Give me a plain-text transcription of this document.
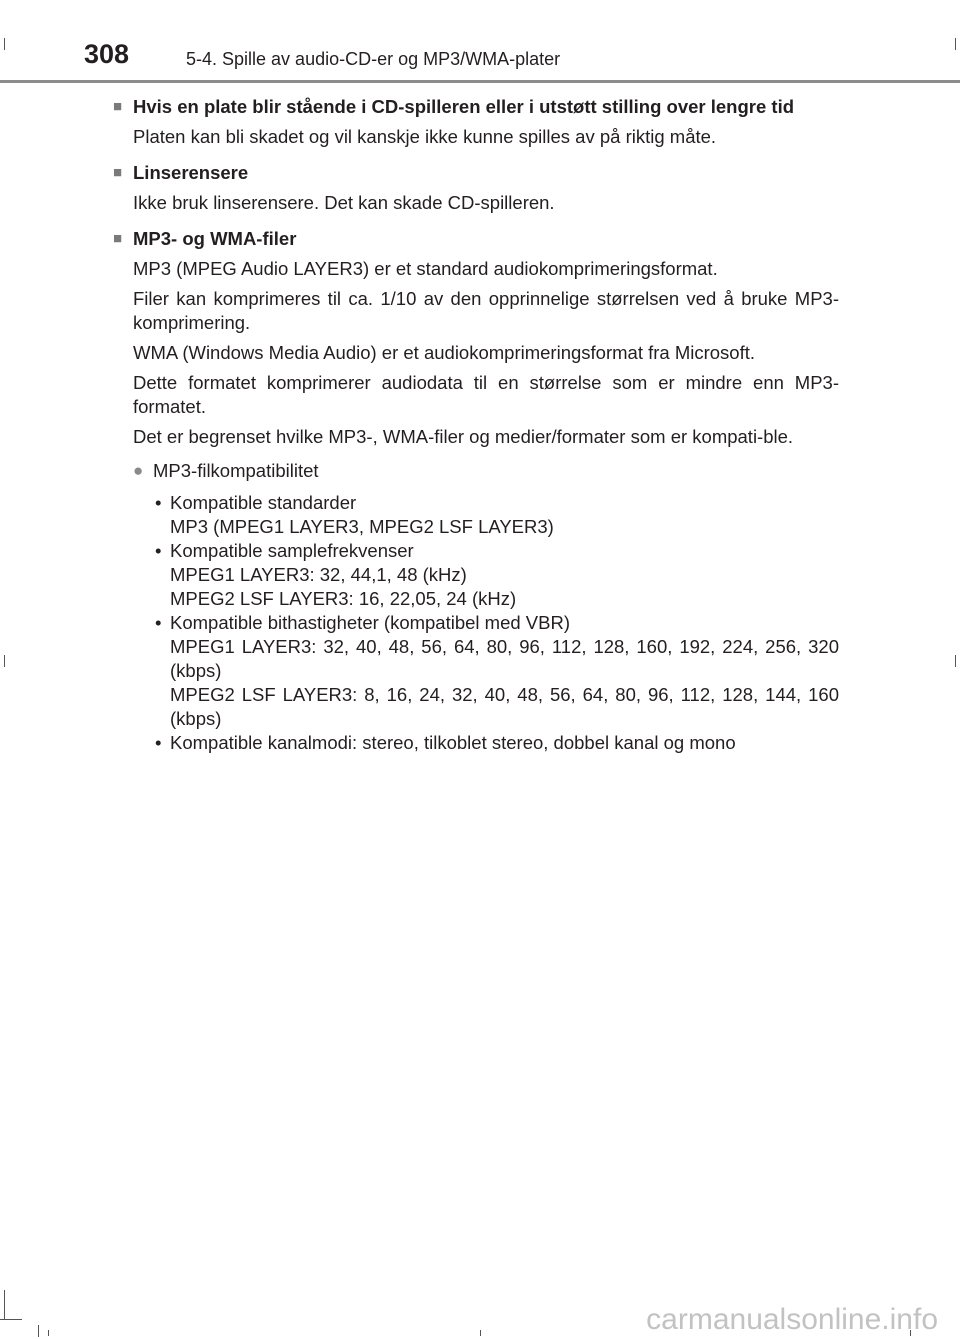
308	5-4. Spille av audio-CD-er og MP3/WMA-plater
■ Hvis en plate blir stående i CD-spilleren eller i utstøtt stilling over lengre tid
Platen kan bli skadet og vil kanskje ikke kunne spilles av på riktig måte.
■ Linserensere
Ikke bruk linserensere. Det kan skade CD-spilleren.
■ MP3- og WMA-filer
MP3 (MPEG Audio LAYER3) er et standard audiokomprimeringsformat.
Filer kan komprimeres til ca. 1/10 av den opprinnelige størrelsen ved å bruke MP3-komprimering.
WMA (Windows Media Audio) er et audiokomprimeringsformat fra Microsoft.
Dette formatet komprimerer audiodata til en størrelse som er mindre enn MP3-formatet.
Det er begrenset hvilke MP3-, WMA-filer og medier/formater som er kompati-ble.
● MP3-filkompatibilitet
• Kompatible standarder
MP3 (MPEG1 LAYER3, MPEG2 LSF LAYER3)
• Kompatible samplefrekvenser
MPEG1 LAYER3: 32, 44,1, 48 (kHz)
MPEG2 LSF LAYER3: 16, 22,05, 24 (kHz)
• Kompatible bithastigheter (kompatibel med VBR)
MPEG1 LAYER3: 32, 40, 48, 56, 64, 80, 96, 112, 128, 160, 192, 224, 256, 320 (kbps)
MPEG2 LSF LAYER3: 8, 16, 24, 32, 40, 48, 56, 64, 80, 96, 112, 128, 144, 160 (kbps)
• Kompatible kanalmodi: stereo, tilkoblet stereo, dobbel kanal og mono
carmanualsonline.info
